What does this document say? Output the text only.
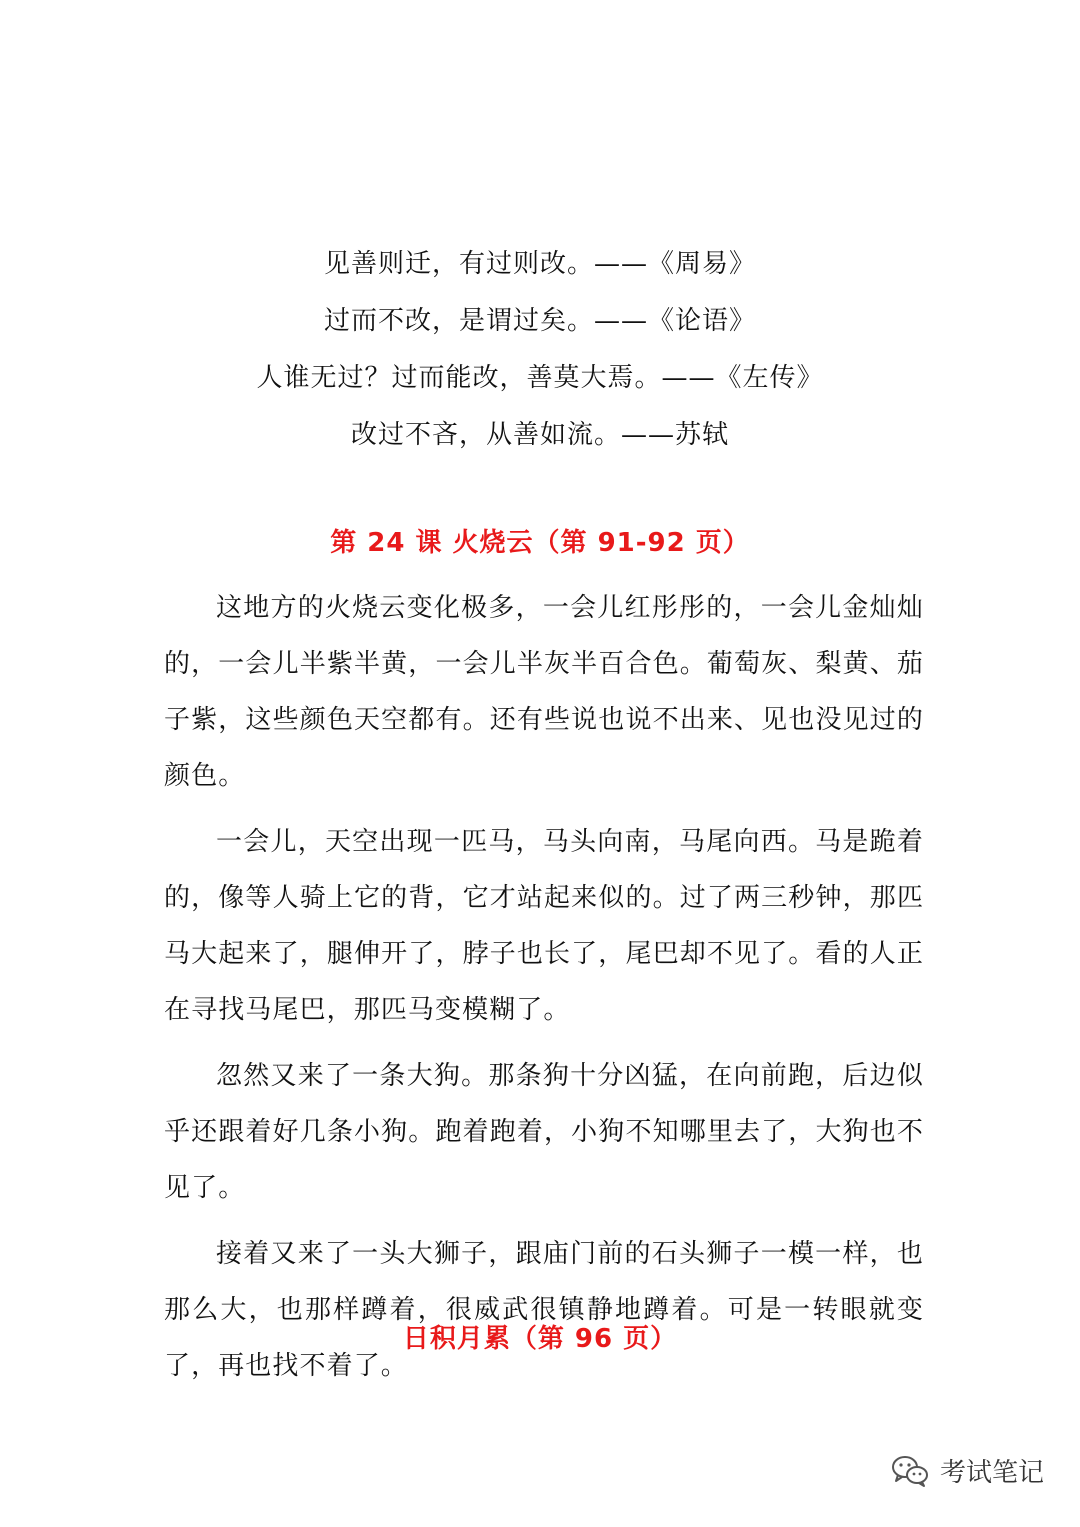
见善则迁，有过则改。——《周易》
过而不改，是谓过矣。——《论语》
人谁无过？过而能改，善莫大焉。——《左传》
改过不吝，从善如流。——苏轼
第 24 课 火烧云（第 91-92 页）

这地方的火烧云变化极多，一会儿红彤彤的，一会儿金灿灿的，一会儿半紫半黄，一会儿半灰半百合色。葡萄灰、梨黄、茄子紫，这些颜色天空都有。还有些说也说不出来、见也没见过的颜色。

一会儿，天空出现一匹马，马头向南，马尾向西。马是跪着的，像等人骑上它的背，它才站起来似的。过了两三秒钟，那匹马大起来了，腿伸开了，脖子也长了，尾巴却不见了。看的人正在寻找马尾巴，那匹马变模糊了。

忽然又来了一条大狗。那条狗十分凶猛，在向前跑，后边似乎还跟着好几条小狗。跑着跑着，小狗不知哪里去了，大狗也不见了。

接着又来了一头大狮子，跟庙门前的石头狮子一模一样，也那么大，也那样蹲着，很威武很镇静地蹲着。可是一转眼就变了，再也找不着了。

日积月累（第 96 页）
考试笔记
